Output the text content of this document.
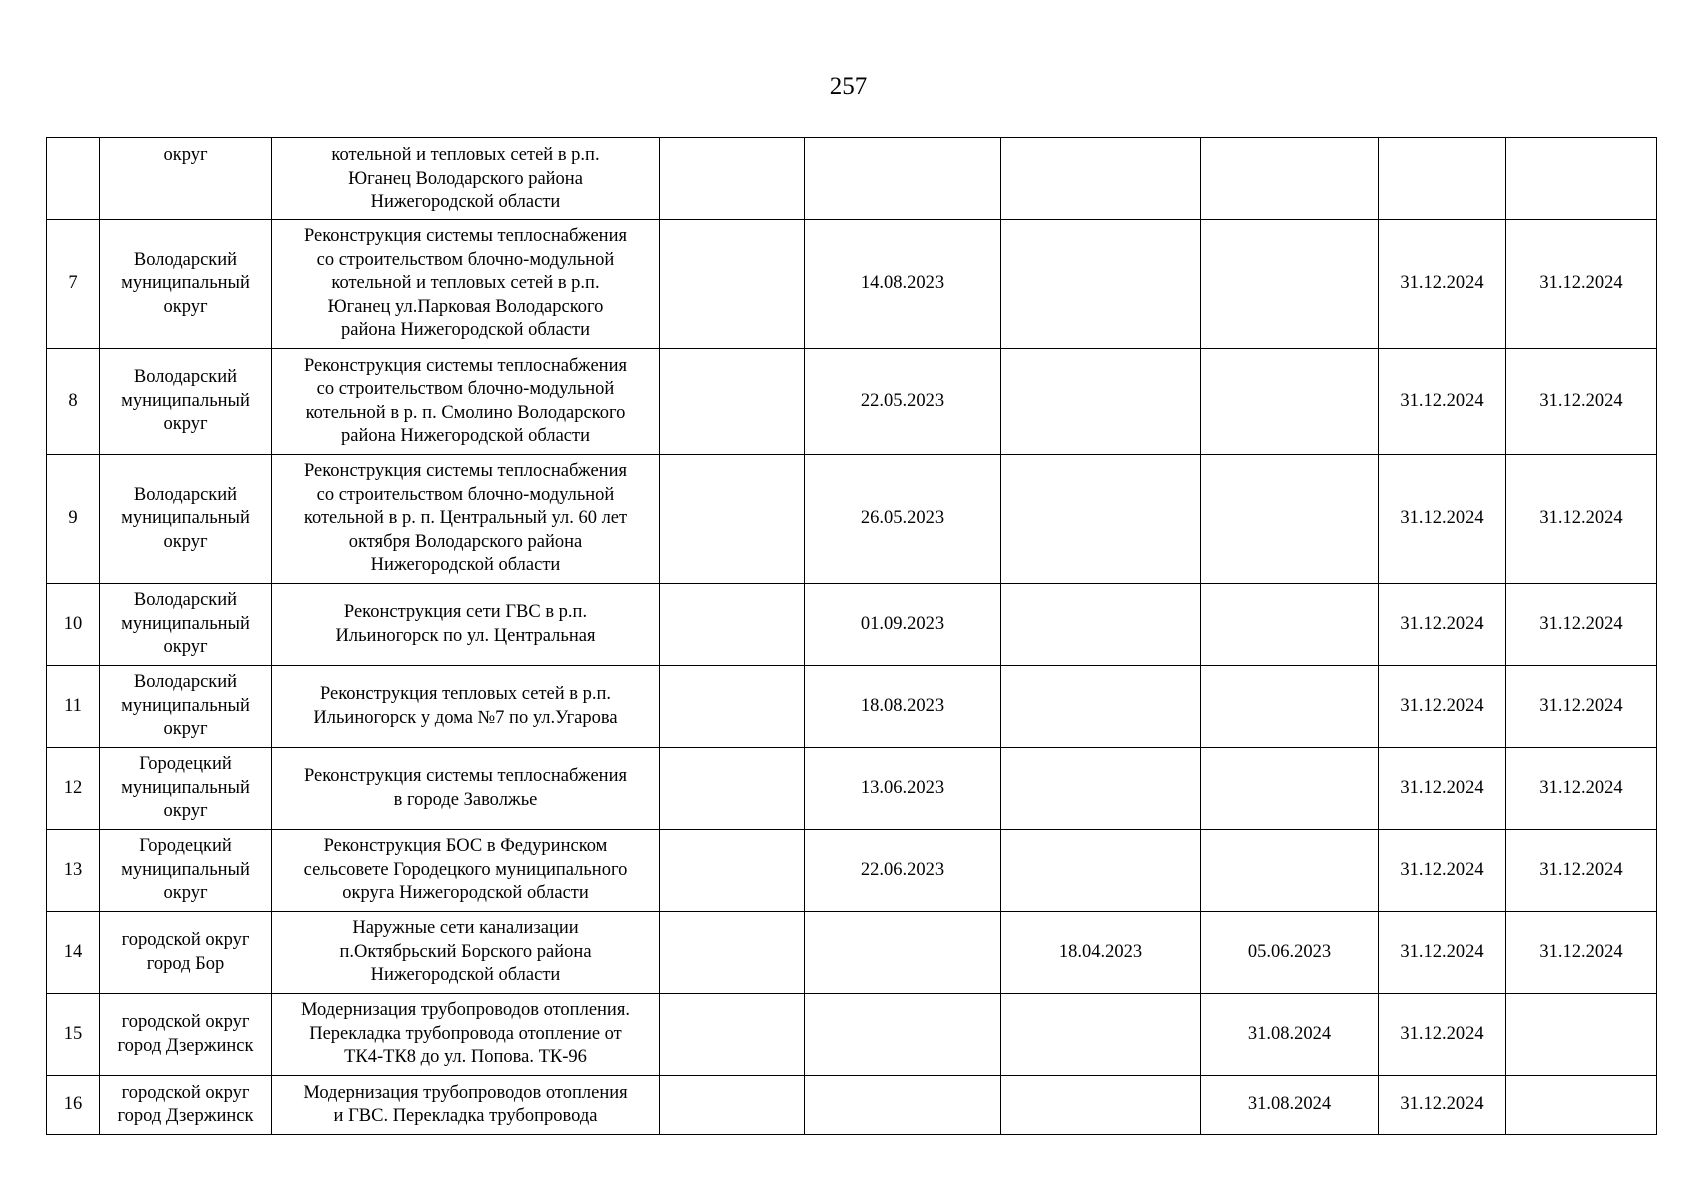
257
	округ	котельной и тепловых сетей в р.п.
Юганец Володарского района
Нижегородской области						
7	Володарский
муниципальный
округ	Реконструкция системы теплоснабжения
со строительством блочно-модульной
котельной и тепловых сетей в р.п.
Юганец ул.Парковая Володарского
района Нижегородской области		14.08.2023			31.12.2024	31.12.2024
8	Володарский
муниципальный
округ	Реконструкция системы теплоснабжения
со строительством блочно-модульной
котельной в р. п. Смолино Володарского
района Нижегородской области		22.05.2023			31.12.2024	31.12.2024
9	Володарский
муниципальный
округ	Реконструкция системы теплоснабжения
со строительством блочно-модульной
котельной в р. п. Центральный ул. 60 лет
октября Володарского района
Нижегородской области		26.05.2023			31.12.2024	31.12.2024
10	Володарский
муниципальный
округ	Реконструкция сети ГВС в р.п.
Ильиногорск по ул. Центральная		01.09.2023			31.12.2024	31.12.2024
11	Володарский
муниципальный
округ	Реконструкция тепловых сетей в р.п.
Ильиногорск у дома №7 по ул.Угарова		18.08.2023			31.12.2024	31.12.2024
12	Городецкий
муниципальный
округ	Реконструкция системы теплоснабжения
в городе Заволжье		13.06.2023			31.12.2024	31.12.2024
13	Городецкий
муниципальный
округ	Реконструкция БОС в Федуринском
сельсовете Городецкого муниципального
округа Нижегородской области		22.06.2023			31.12.2024	31.12.2024
14	городской округ
город Бор	Наружные сети канализации
п.Октябрьский Борского района
Нижегородской области			18.04.2023	05.06.2023	31.12.2024	31.12.2024
15	городской округ
город Дзержинск	Модернизация трубопроводов отопления.
Перекладка трубопровода отопление от
ТК4-ТК8 до ул. Попова. ТК-96				31.08.2024	31.12.2024	
16	городской округ
город Дзержинск	Модернизация трубопроводов отопления
и ГВС. Перекладка трубопровода				31.08.2024	31.12.2024	
